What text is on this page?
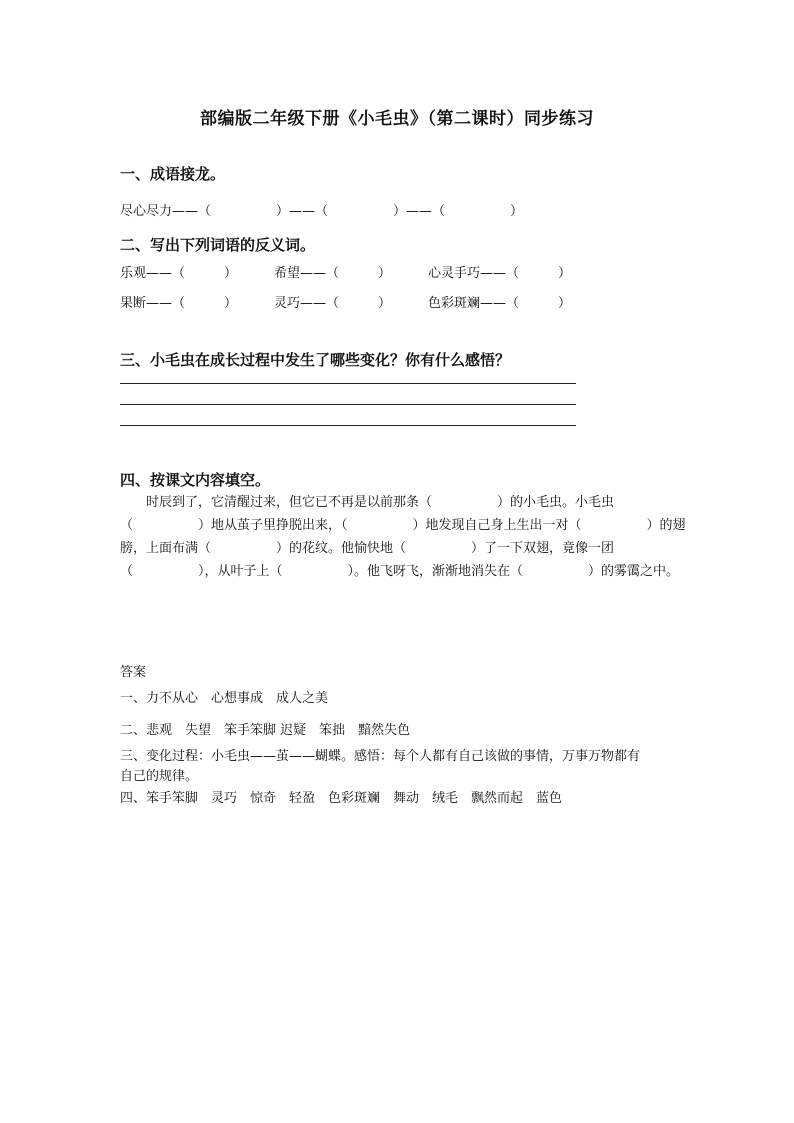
部编版二年级下册《小毛虫》（第二课时）同步练习
一、成语接龙。
尽心尽力——（　　　　　）——（　　　　　）——（　　　　　）
二、写出下列词语的反义词。
乐观——（　　　）	希望——（　　　）	心灵手巧——（　　　）
果断——（　　　）	灵巧——（　　　）	色彩斑斓——（　　　）
三、小毛虫在成长过程中发生了哪些变化？你有什么感悟？
四、按课文内容填空。
　　时辰到了，它清醒过来，但它已不再是以前那条（　　　　　）的小毛虫。小毛虫
（　　　　　）地从茧子里挣脱出来，（　　　　　）地发现自己身上生出一对（　　　　　）的翅
膀，上面布满（　　　　　）的花纹。他愉快地（　　　　　）了一下双翅，竟像一团
（　　　　　），从叶子上（　　　　　）。他飞呀飞，渐渐地消失在（　　　　　）的雾霭之中。
答案
一、力不从心　心想事成　成人之美
二、悲观　失望　笨手笨脚 迟疑　笨拙　黯然失色
三、变化过程：小毛虫——茧——蝴蝶。感悟：每个人都有自己该做的事情，万事万物都有
自己的规律。
四、笨手笨脚　灵巧　惊奇　轻盈　色彩斑斓　舞动　绒毛　飘然而起　蓝色
